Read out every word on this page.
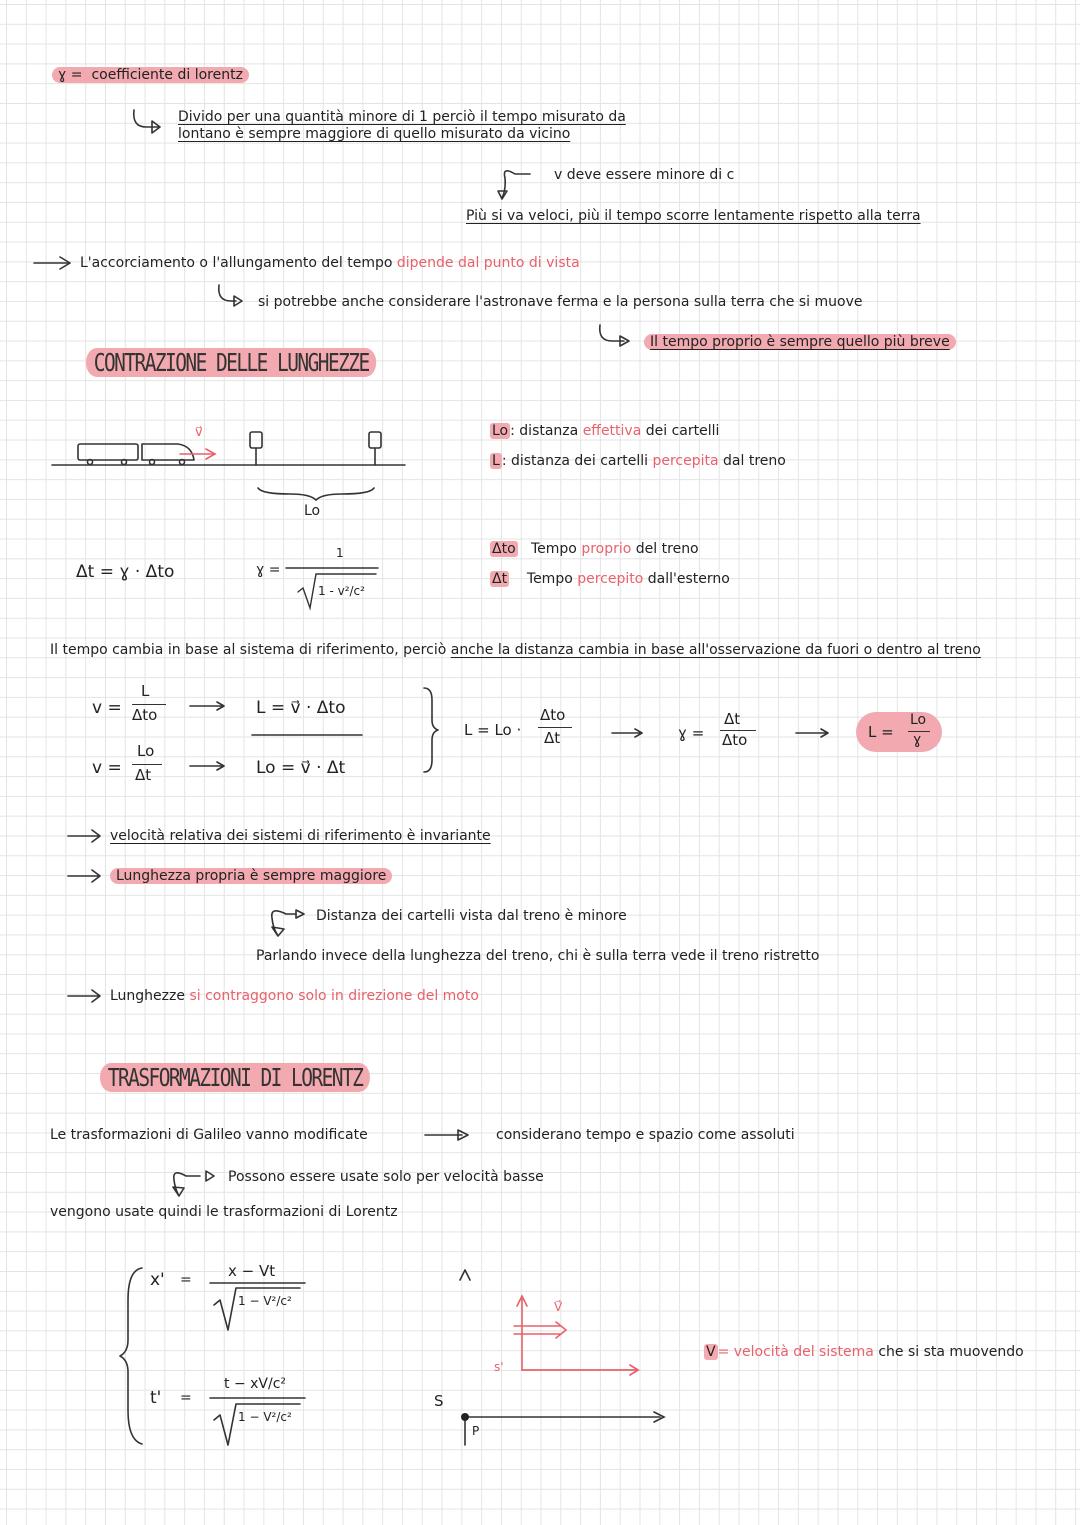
ɣ = coefficiente di lorentz
Divido per una quantità minore di 1 perciò il tempo misurato da
lontano è sempre maggiore di quello misurato da vicino
v deve essere minore di c
Più si va veloci, più il tempo scorre lentamente rispetto alla terra
L'accorciamento o l'allungamento del tempo dipende dal punto di vista
si potrebbe anche considerare l'astronave ferma e la persona sulla terra che si muove
Il tempo proprio è sempre quello più breve
CONTRAZIONE DELLE LUNGHEZZE
v⃗
Lo
Lo : distanza effettiva dei cartelli
L : distanza dei cartelli percepita dal treno
Δto Tempo proprio del treno
Δt Tempo percepito dall'esterno
Δt = ɣ · Δto	ɣ =
1
1 - v²/c²
Il tempo cambia in base al sistema di riferimento, perciò anche la distanza cambia in base all'osservazione da fuori o dentro al treno
v =
L
Δto
v =
Lo
Δt
L = v⃗ · Δto
Lo = v⃗ · Δt
L = Lo ·
Δto
Δt	ɣ =
Δt
Δto	L =
Lo
ɣ
velocità relativa dei sistemi di riferimento è invariante
Lunghezza propria è sempre maggiore
Distanza dei cartelli vista dal treno è minore
Parlando invece della lunghezza del treno, chi è sulla terra vede il treno ristretto
Lunghezze si contraggono solo in direzione del moto
TRASFORMAZIONI DI LORENTZ
Le trasformazioni di Galileo vanno modificate	considerano tempo e spazio come assoluti
Possono essere usate solo per velocità basse
vengono usate quindi le trasformazioni di Lorentz
x' = x − Vt
1 − V²/c²
t' =
t − xV/c²
1 − V²/c²
S
s'
P
V⃗
V = velocità del sistema che si sta muovendo
